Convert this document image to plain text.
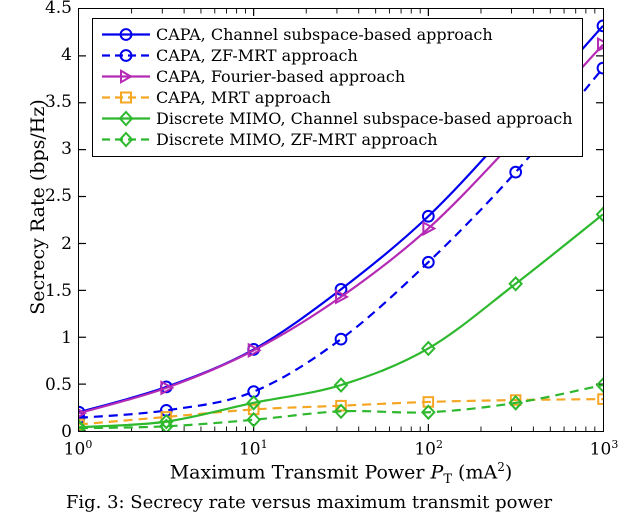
0
0.5
1
1.5
2
2.5
3
3.5
4
4.5
$10^0$	$10^1$	$10^2$	$10^3$
Secrecy Rate (bps/Hz)
Maximum Transmit Power $P_T$ $(mA^2)$
CAPA, Channel subspace-based approach
CAPA, ZF-MRT approach
CAPA, Fourier-based approach
CAPA, MRT approach
Discrete MIMO, Channel subspace-based approach
Discrete MIMO, ZF-MRT approach
Fig. 3: Secrecy rate versus maximum transmit power
